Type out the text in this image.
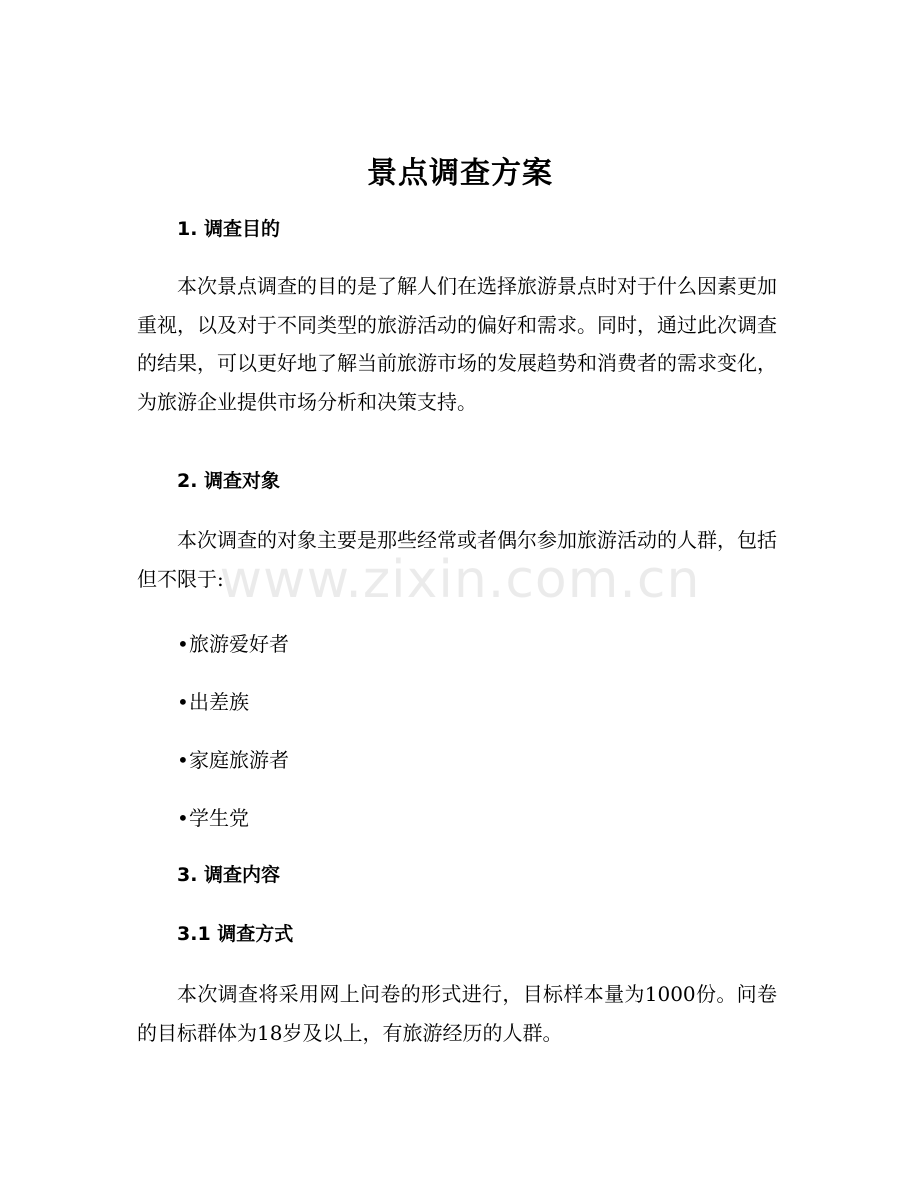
景点调查方案
1. 调查目的

本次景点调查的目的是了解人们在选择旅游景点时对于什么因素更加重视，以及对于不同类型的旅游活动的偏好和需求。同时，通过此次调查的结果，可以更好地了解当前旅游市场的发展趋势和消费者的需求变化，为旅游企业提供市场分析和决策支持。

2. 调查对象

本次调查的对象主要是那些经常或者偶尔参加旅游活动的人群，包括但不限于:

•旅游爱好者
•出差族
•家庭旅游者
•学生党
3. 调查内容
3.1 调查方式

本次调查将采用网上问卷的形式进行，目标样本量为1000份。问卷的目标群体为18岁及以上，有旅游经历的人群。

www.zixin.com.cn
